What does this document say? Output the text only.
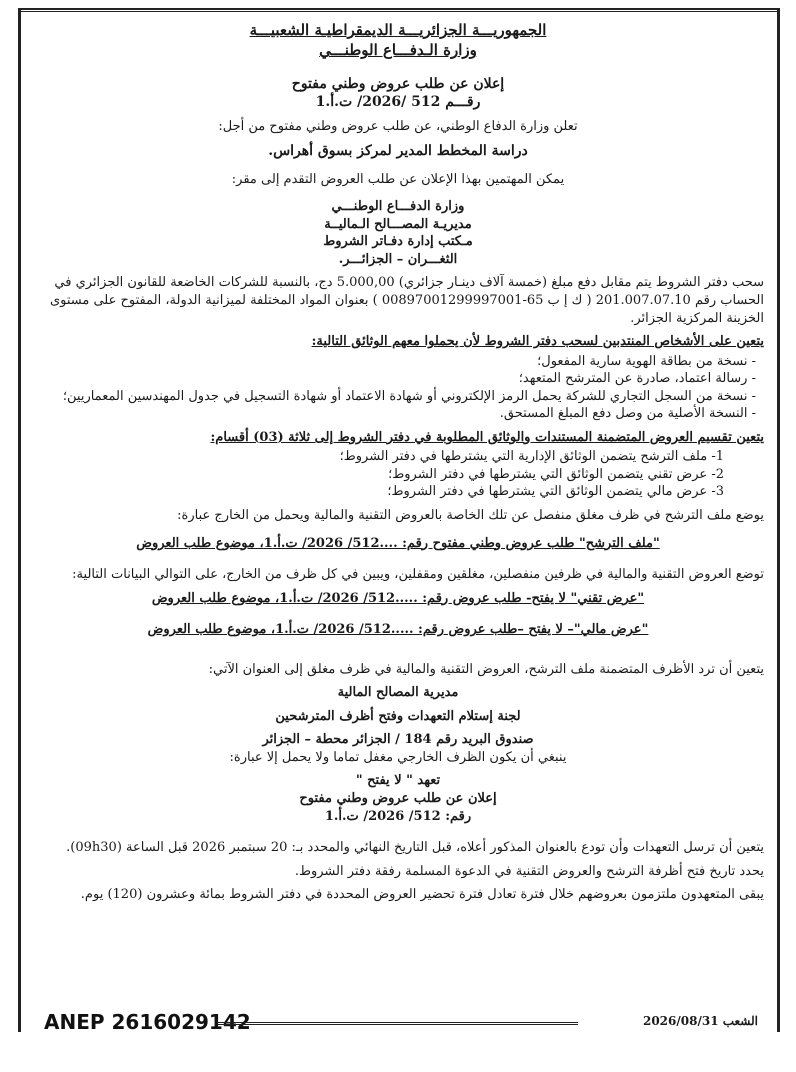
الجمهوريـــة الجزائريـــة الديمقراطيـة الشعبيـــة
وزارة الـدفـــاع الوطنـــي
إعلان عن طلب عروض وطني مفتوح
رقـــم 512 /2026/ ت.أ.1
تعلن وزارة الدفاع الوطني، عن طلب عروض وطني مفتوح من أجل:
دراسة المخطط المدير لمركز بسوق أهراس.
يمكن المهتمين بهذا الإعلان عن طلب العروض التقدم إلى مقر:
وزارة الدفـــاع الوطنـــي
مديريـة المصـــالح الـماليــة
مـكتب إدارة دفـاتر الشروط
الثغـــران – الجزائـــر.
سحب دفتر الشروط يتم مقابل دفع مبلغ (خمسة آلاف دينـار جزائري) 5.000,00 دج، بالنسبة للشركات الخاضعة للقانون الجزائري في الحساب رقم 201.007.07.10 ( ك إ ب 65-00897001299997001 ) بعنوان المواد المختلفة لميزانية الدولة، المفتوح على مستوى الخزينة المركزية الجزائر.
يتعين على الأشخاص المنتدبين لسحب دفتر الشروط لأن يحملوا معهم الوثائق التالية:
- نسخة من بطاقة الهوية سارية المفعول؛
- رسالة اعتماد، صادرة عن المترشح المتعهد؛
- نسخة من السجل التجاري للشركة يحمل الرمز الإلكتروني أو شهادة الاعتماد أو شهادة التسجيل في جدول المهندسين المعماريين؛
- النسخة الأصلية من وصل دفع المبلغ المستحق.
يتعين تقسيم العروض المتضمنة المستندات والوثائق المطلوبة في دفتر الشروط إلى ثلاثة (03) أقسام:
1- ملف الترشح يتضمن الوثائق الإدارية التي يشترطها في دفتر الشروط؛
2- عرض تقني يتضمن الوثائق التي يشترطها في دفتر الشروط؛
3- عرض مالي يتضمن الوثائق التي يشترطها في دفتر الشروط؛
يوضع ملف الترشح في ظرف مغلق منفصل عن تلك الخاصة بالعروض التقنية والمالية ويحمل من الخارج عبارة:
"ملف الترشح" طلب عروض وطني مفتوح رقم: ....512/ 2026/ ت.أ.1، موضوع طلب العروض
توضع العروض التقنية والمالية في ظرفين منفصلين، مغلقين ومقفلين، ويبين في كل ظرف من الخارج، على التوالي البيانات التالية:
"عرض تقني" لا يفتح- طلب عروض رقم: .....512/ 2026/ ت.أ.1، موضوع طلب العروض
"عرض مالي"– لا يفتح –طلب عروض رقم: .....512/ 2026/ ت.أ.1، موضوع طلب العروض
يتعين أن ترد الأظرف المتضمنة ملف الترشح، العروض التقنية والمالية في ظرف مغلق إلى العنوان الآتي:
مديرية المصالح المالية
لجنة إستلام التعهدات وفتح أظرف المترشحين
صندوق البريد رقم 184 / الجزائر محطة – الجزائر
ينبغي أن يكون الظرف الخارجي مغفل تماما ولا يحمل إلا عبارة:
تعهد " لا يفتح "
إعلان عن طلب عروض وطني مفتوح
رقم: 512/ 2026/ ت.أ.1
يتعين أن ترسل التعهدات وأن تودع بالعنوان المذكور أعلاه، قبل التاريخ النهائي والمحدد بـ: 20 سبتمبر 2026 قبل الساعة (09h30).
يحدد تاريخ فتح أظرفة الترشح والعروض التقنية في الدعوة المسلمة رفقة دفتر الشروط.
يبقى المتعهدون ملتزمون بعروضهم خلال فترة تعادل فترة تحضير العروض المحددة في دفتر الشروط بمائة وعشرون (120) يوم.
ANEP 2616029142	الشعب 2026/08/31
